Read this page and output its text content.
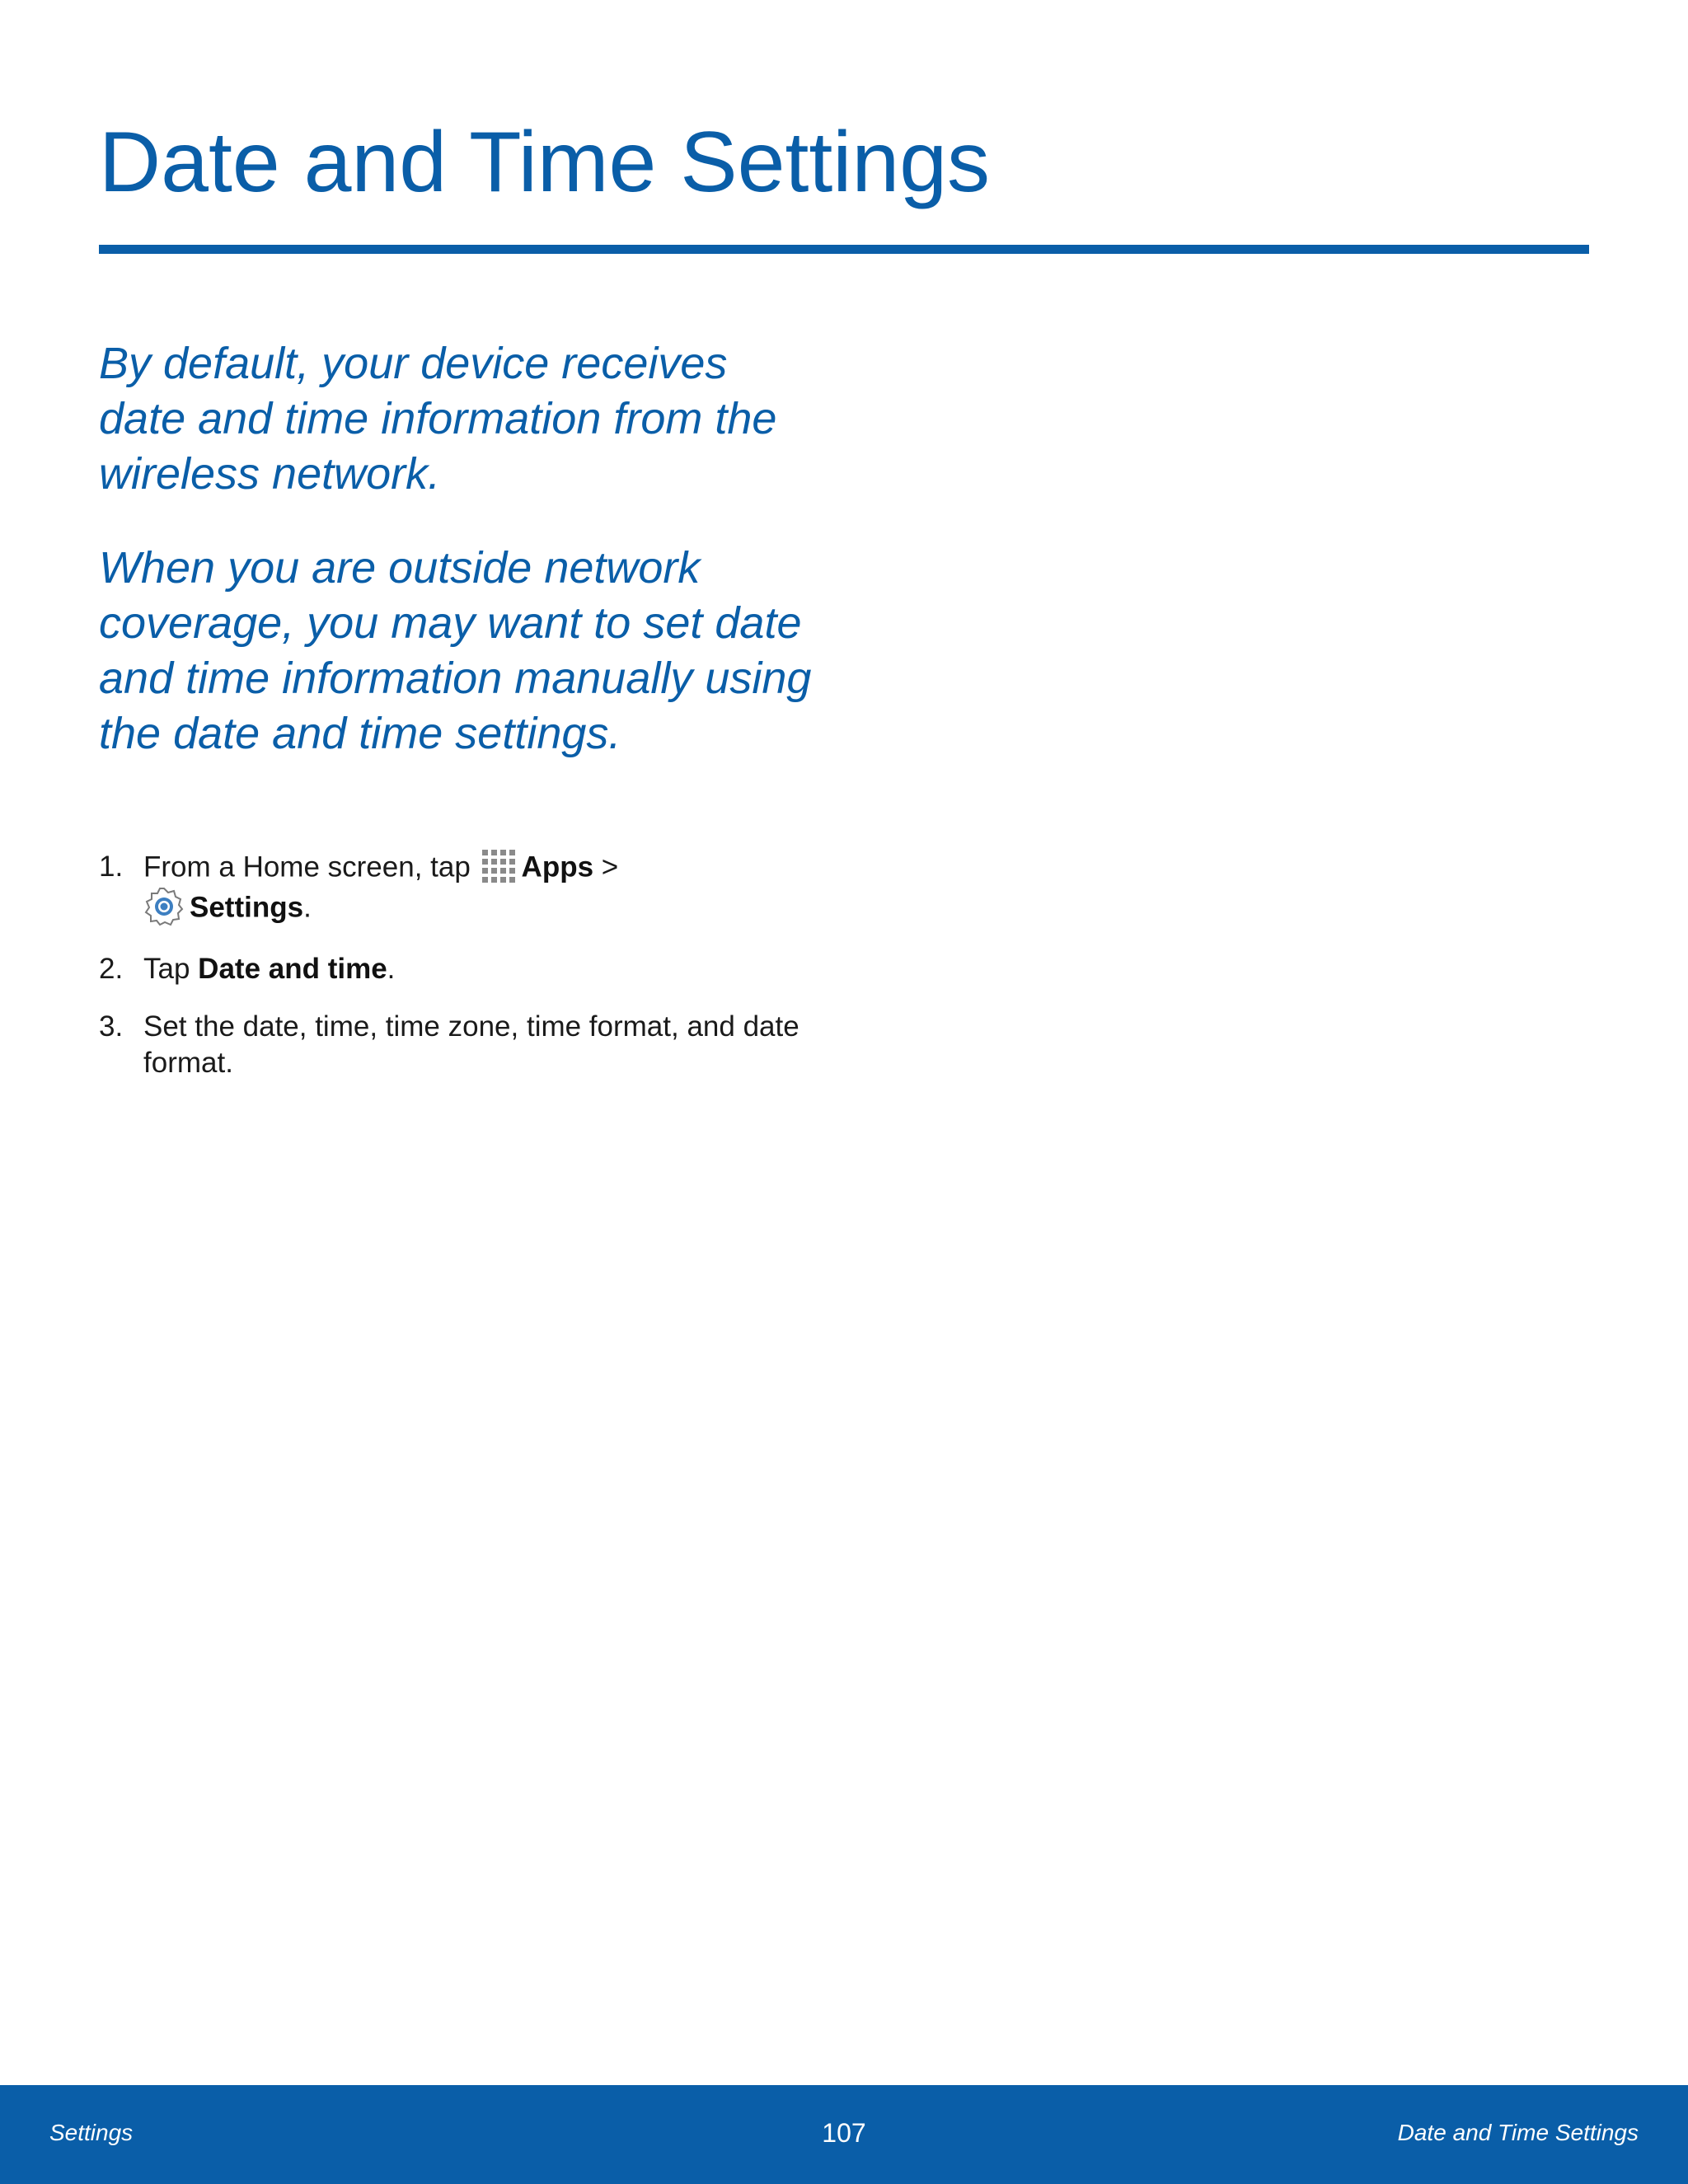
Date and Time Settings

By default, your device receives date and time information from the wireless network.

When you are outside network coverage, you may want to set date and time information manually using the date and time settings.

1. From a Home screen, tap Apps >
Settings.
2. Tap Date and time.
3. Set the date, time, time zone, time format, and date format.
Settings	107	Date and Time Settings
